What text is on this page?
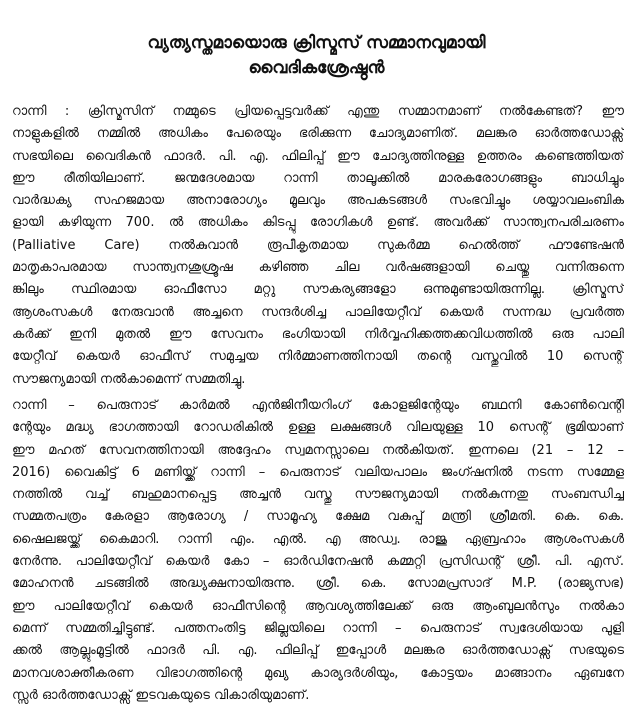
വ്യത്യസ്തമായൊരു ക്രിസ്മസ് സമ്മാനവുമായി
വൈദികശ്രേഷ്ഠൻ
റാന്നി : ക്രിസ്മസിന് നമ്മുടെ പ്രിയപ്പെട്ടവർക്ക് എന്തു സമ്മാനമാണ് നൽകേണ്ടത്? ഈ
നാളുകളിൽ നമ്മിൽ അധികം പേരെയും ഭരിക്കുന്ന ചോദ്യമാണിത്. മലങ്കര ഓർത്തഡോക്സ്
സഭയിലെ വൈദികൻ ഫാദർ. പി. എ. ഫിലിപ്പ് ഈ ചോദ്യത്തിനുള്ള ഉത്തരം കണ്ടെത്തിയത്
ഈ രീതിയിലാണ്. ജന്മദേശമായ റാന്നി താലൂക്കിൽ മാരകരോഗങ്ങളും ബാധിച്ചും
വാർദ്ധക്യ സഹജമായ അനാരോഗ്യം മൂലവും അപകടങ്ങൾ സംഭവിച്ചും ശയ്യാവലംബിക
ളായി കഴിയുന്ന 700. ൽ അധികം കിടപ്പു രോഗികൾ ഉണ്ട്. അവർക്ക് സാന്ത്വനപരിചരണം
(Palliative Care) നൽകുവാൻ രൂപീകൃതമായ സുകർമ്മ ഹെൽത്ത് ഫൗണ്ടേഷൻ
മാതൃകാപരമായ സാന്ത്വനശുശ്രൂഷ കഴിഞ്ഞ ചില വർഷങ്ങളായി ചെയ്തു വന്നിരുന്നെ
ങ്കിലും സ്ഥിരമായ ഓഫീസോ മറ്റു സൗകര്യങ്ങളോ ഒന്നുമുണ്ടായിരുന്നില്ല. ക്രിസ്മസ്
ആശംസകൾ നേരുവാൻ അച്ചനെ സന്ദർശിച്ച പാലിയേറ്റീവ് കെയർ സന്നദ്ധ പ്രവർത്ത
കർക്ക് ഇനി മുതൽ ഈ സേവനം ഭംഗിയായി നിർവ്വഹിക്കത്തക്കവിധത്തിൽ ഒരു പാലി
യേറ്റീവ് കെയർ ഓഫീസ് സമുച്ചയ നിർമ്മാണത്തിനായി തന്റെ വസ്തുവിൽ 10 സെന്റ്
സൗജന്യമായി നൽകാമെന്ന് സമ്മതിച്ചു.
റാന്നി – പെരുനാട് കാർമൽ എൻജിനീയറിംഗ് കോളജിന്റേയും ബഥനി കോൺവെന്റി
ന്റേയും മദ്ധ്യ ഭാഗത്തായി റോഡരികിൽ ഉള്ള ലക്ഷങ്ങൾ വിലയുള്ള 10 സെന്റ് ഭൂമിയാണ്
ഈ മഹത് സേവനത്തിനായി അദ്ദേഹം സ്വമനസ്സാലെ നൽകിയത്. ഇന്നലെ (21 – 12 –
2016) വൈകിട്ട് 6 മണിയ്ക്ക് റാന്നി – പെരുനാട് വലിയപാലം ജംഗ്ഷനിൽ നടന്ന സമ്മേള
നത്തിൽ വച്ച് ബഹുമാനപ്പെട്ട അച്ചൻ വസ്തു സൗജന്യമായി നൽകുന്നതു സംബന്ധിച്ച
സമ്മതപത്രം കേരളാ ആരോഗ്യ / സാമൂഹ്യ ക്ഷേമ വകുപ്പ് മന്ത്രി ശ്രീമതി. കെ. കെ.
ഷൈലജയ്ക്ക് കൈമാറി. റാന്നി എം. എൽ. എ അഡ്വ. രാജു ഏബ്രഹാം ആശംസകൾ
നേർന്നു. പാലിയേറ്റീവ് കെയർ കോ – ഓർഡിനേഷൻ കമ്മറ്റി പ്രസിഡന്റ് ശ്രീ. പി. എസ്.
മോഹനൻ ചടങ്ങിൽ അദ്ധ്യക്ഷനായിരുന്നു. ശ്രീ. കെ. സോമപ്രസാദ് M.P. (രാജ്യസഭ)
ഈ പാലിയേറ്റീവ് കെയർ ഓഫീസിന്റെ ആവശ്യത്തിലേക്ക് ഒരു ആംബുലൻസും നൽകാ
മെന്ന് സമ്മതിച്ചിട്ടുണ്ട്. പത്തനംതിട്ട ജില്ലയിലെ റാന്നി – പെരുനാട് സ്വദേശിയായ പുളി
ക്കൽ ആല്ലുംമൂട്ടിൽ ഫാദർ പി. എ. ഫിലിപ്പ് ഇപ്പോൾ മലങ്കര ഓർത്തഡോക്സ് സഭയുടെ
മാനവശാക്തീകരണ വിഭാഗത്തിന്റെ മുഖ്യ കാര്യദർശിയും, കോട്ടയം മാങ്ങാനം ഏബനേ
സ്സർ ഓർത്തഡോക്സ് ഇടവകയുടെ വികാരിയുമാണ്.
